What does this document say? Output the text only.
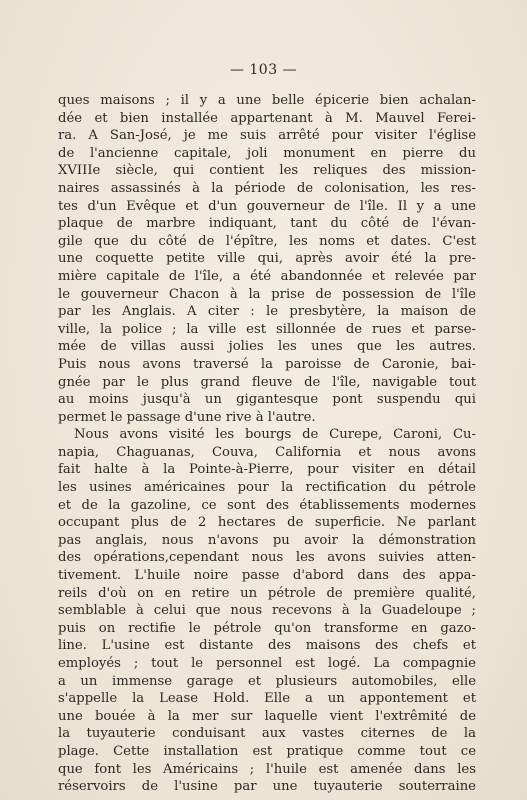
— 103 —
ques maisons ; il y a une belle épicerie bien achalan-
dée et bien installée appartenant à M. Mauvel Ferei-
ra. A San-José, je me suis arrêté pour visiter l'église
de l'ancienne capitale, joli monument en pierre du
XVIIIe siècle, qui contient les reliques des mission-
naires assassinés à la période de colonisation, les res-
tes d'un Evêque et d'un gouverneur de l'île. Il y a une
plaque de marbre indiquant, tant du côté de l'évan-
gile que du côté de l'épître, les noms et dates. C'est
une coquette petite ville qui, après avoir été la pre-
mière capitale de l'île, a été abandonnée et relevée par
le gouverneur Chacon à la prise de possession de l'île
par les Anglais. A citer : le presbytère, la maison de
ville, la police ; la ville est sillonnée de rues et parse-
mée de villas aussi jolies les unes que les autres.
Puis nous avons traversé la paroisse de Caronie, bai-
gnée par le plus grand fleuve de l'île, navigable tout
au moins jusqu'à un gigantesque pont suspendu qui
permet le passage d'une rive à l'autre.
Nous avons visité les bourgs de Curepe, Caroni, Cu-
napia, Chaguanas, Couva, California et nous avons
fait halte à la Pointe-à-Pierre, pour visiter en détail
les usines américaines pour la rectification du pétrole
et de la gazoline, ce sont des établissements modernes
occupant plus de 2 hectares de superficie. Ne parlant
pas anglais, nous n'avons pu avoir la démonstration
des opérations,cependant nous les avons suivies atten-
tivement. L'huile noire passe d'abord dans des appa-
reils d'où on en retire un pétrole de première qualité,
semblable à celui que nous recevons à la Guadeloupe ;
puis on rectifie le pétrole qu'on transforme en gazo-
line. L'usine est distante des maisons des chefs et
employés ; tout le personnel est logé. La compagnie
a un immense garage et plusieurs automobiles, elle
s'appelle la Lease Hold. Elle a un appontement et
une bouée à la mer sur laquelle vient l'extrêmité de
la tuyauterie conduisant aux vastes citernes de la
plage. Cette installation est pratique comme tout ce
que font les Américains ; l'huile est amenée dans les
réservoirs de l'usine par une tuyauterie souterraine
